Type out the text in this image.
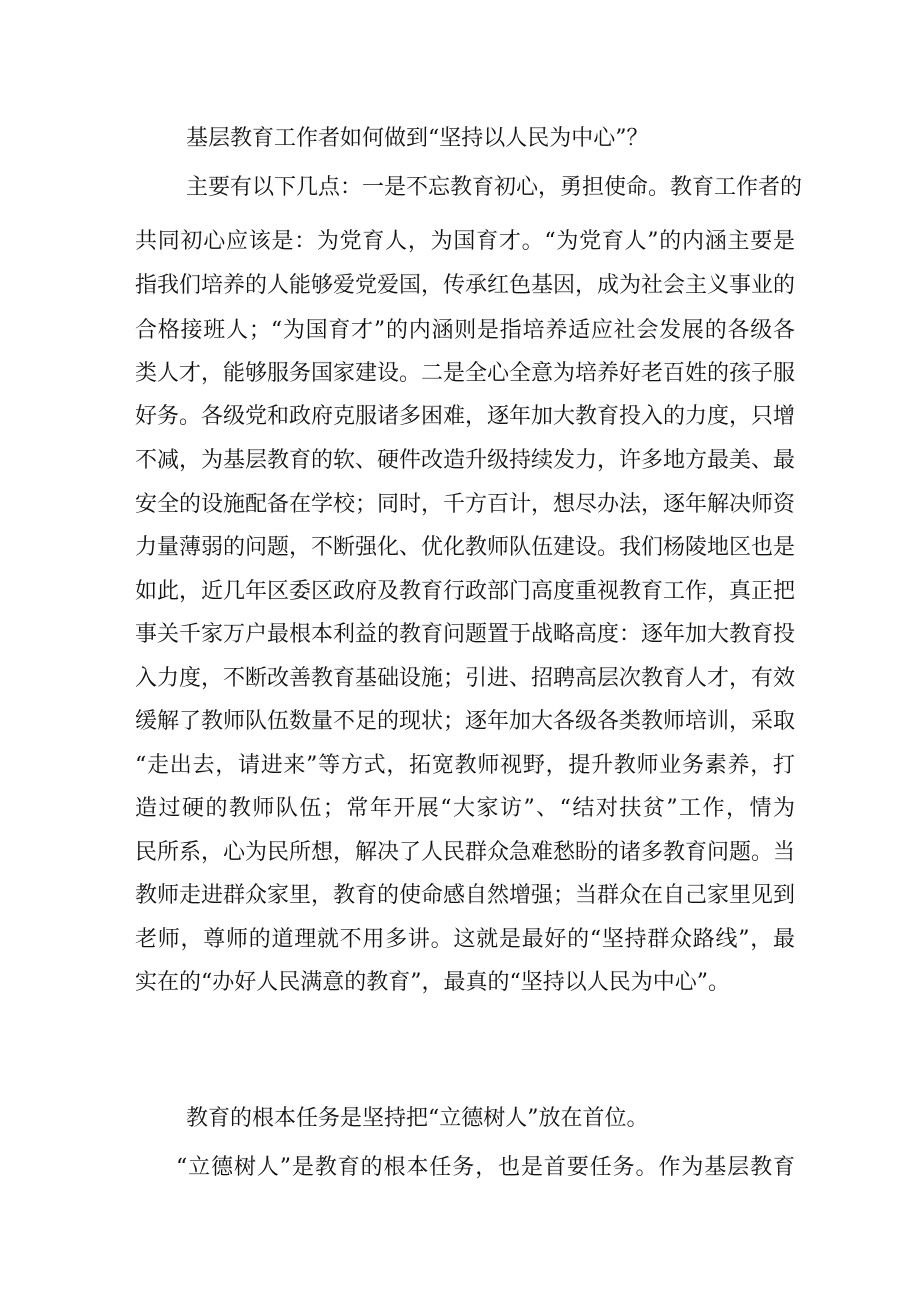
基层教育工作者如何做到“坚持以人民为中心”？
主要有以下几点：一是不忘教育初心，勇担使命。教育工作者的
共同初心应该是：为党育人，为国育才。“为党育人”的内涵主要是
指我们培养的人能够爱党爱国，传承红色基因，成为社会主义事业的
合格接班人；“为国育才”的内涵则是指培养适应社会发展的各级各
类人才，能够服务国家建设。二是全心全意为培养好老百姓的孩子服
好务。各级党和政府克服诸多困难，逐年加大教育投入的力度，只增
不减，为基层教育的软、硬件改造升级持续发力，许多地方最美、最
安全的设施配备在学校；同时，千方百计，想尽办法，逐年解决师资
力量薄弱的问题，不断强化、优化教师队伍建设。我们杨陵地区也是
如此，近几年区委区政府及教育行政部门高度重视教育工作，真正把
事关千家万户最根本利益的教育问题置于战略高度：逐年加大教育投
入力度，不断改善教育基础设施；引进、招聘高层次教育人才，有效
缓解了教师队伍数量不足的现状；逐年加大各级各类教师培训，采取
“走出去，请进来”等方式，拓宽教师视野，提升教师业务素养，打
造过硬的教师队伍；常年开展“大家访”、“结对扶贫”工作，情为
民所系，心为民所想，解决了人民群众急难愁盼的诸多教育问题。当
教师走进群众家里，教育的使命感自然增强；当群众在自己家里见到
老师，尊师的道理就不用多讲。这就是最好的“坚持群众路线”，最
实在的“办好人民满意的教育”，最真的“坚持以人民为中心”。
教育的根本任务是坚持把“立德树人”放在首位。
“立德树人”是教育的根本任务，也是首要任务。作为基层教育
